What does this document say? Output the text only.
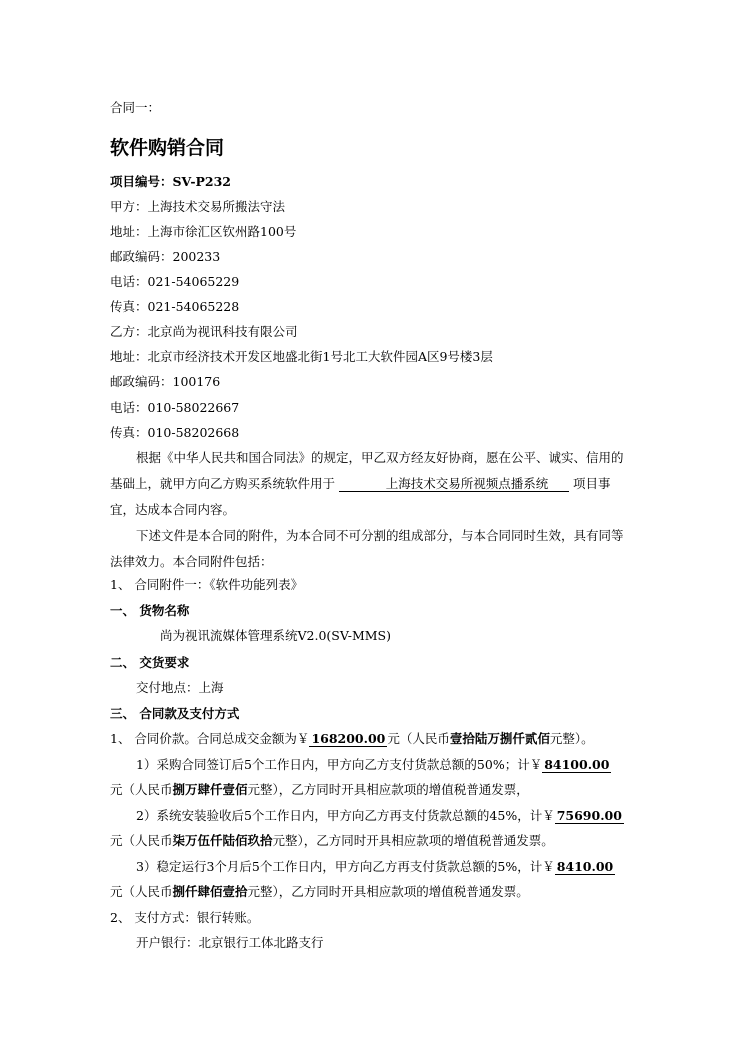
合同一：
软件购销合同
项目编号：SV-P232
甲方：上海技术交易所搬法守法
地址：上海市徐汇区钦州路100号
邮政编码：200233
电话：021-54065229
传真：021-54065228
乙方：北京尚为视讯科技有限公司
地址：北京市经济技术开发区地盛北街1号北工大软件园A区9号楼3层
邮政编码：100176
电话：010-58022667
传真：010-58202668
根据《中华人民共和国合同法》的规定，甲乙双方经友好协商，愿在公平、诚实、信用的基础上，就甲方向乙方购买系统软件用于	上海技术交易所视频点播系统 项目事宜，达成本合同内容。
下述文件是本合同的附件，为本合同不可分割的组成部分，与本合同同时生效，具有同等法律效力。本合同附件包括：
1、 合同附件一：《软件功能列表》
一、 货物名称
尚为视讯流媒体管理系统V2.0(SV-MMS)
二、 交货要求
交付地点：上海
三、 合同款及支付方式
1、 合同价款。合同总成交金额为￥ 168200.00 元（人民币壹拾陆万捌仟贰佰元整）。
1）采购合同签订后5个工作日内，甲方向乙方支付货款总额的50%；计￥ 84100.00
元（人民币捌万肆仟壹佰元整），乙方同时开具相应款项的增值税普通发票，
2）系统安装验收后5个工作日内，甲方向乙方再支付货款总额的45%，计￥ 75690.00
元（人民币柒万伍仟陆佰玖拾元整），乙方同时开具相应款项的增值税普通发票。
3）稳定运行3个月后5个工作日内，甲方向乙方再支付货款总额的5%，计￥ 8410.00
元（人民币捌仟肆佰壹拾元整），乙方同时开具相应款项的增值税普通发票。
2、 支付方式：银行转账。
开户银行：北京银行工体北路支行
